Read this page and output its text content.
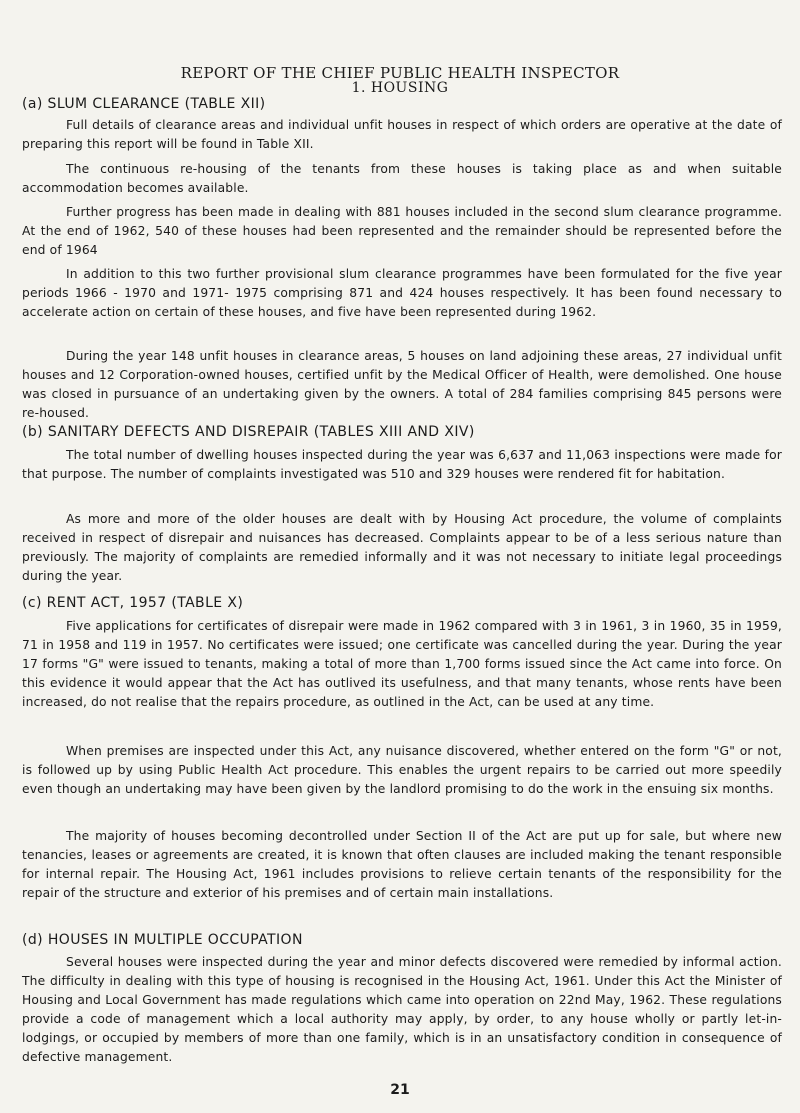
REPORT OF THE CHIEF PUBLIC HEALTH INSPECTOR
1. HOUSING
(a) SLUM CLEARANCE (TABLE XII)
Full details of clearance areas and individual unfit houses in respect of which orders are operative at the date of preparing this report will be found in Table XII.
The continuous re-housing of the tenants from these houses is taking place as and when suitable accommodation becomes available.
Further progress has been made in dealing with 881 houses included in the second slum clearance programme. At the end of 1962, 540 of these houses had been represented and the remainder should be represented before the end of 1964
In addition to this two further provisional slum clearance programmes have been formulated for the five year periods 1966 - 1970 and 1971- 1975 comprising 871 and 424 houses respectively. It has been found necessary to accelerate action on certain of these houses, and five have been represented during 1962.
During the year 148 unfit houses in clearance areas, 5 houses on land adjoining these areas, 27 individual unfit houses and 12 Corporation-owned houses, certified unfit by the Medical Officer of Health, were demolished. One house was closed in pursuance of an undertaking given by the owners. A total of 284 families comprising 845 persons were re-housed.
(b) SANITARY DEFECTS AND DISREPAIR (TABLES XIII AND XIV)
The total number of dwelling houses inspected during the year was 6,637 and 11,063 inspections were made for that purpose. The number of complaints investigated was 510 and 329 houses were rendered fit for habitation.
As more and more of the older houses are dealt with by Housing Act procedure, the volume of complaints received in respect of disrepair and nuisances has decreased. Complaints appear to be of a less serious nature than previously. The majority of complaints are remedied informally and it was not necessary to initiate legal proceedings during the year.
(c) RENT ACT, 1957 (TABLE X)
Five applications for certificates of disrepair were made in 1962 compared with 3 in 1961, 3 in 1960, 35 in 1959, 71 in 1958 and 119 in 1957. No certificates were issued; one certificate was cancelled during the year. During the year 17 forms "G" were issued to tenants, making a total of more than 1,700 forms issued since the Act came into force. On this evidence it would appear that the Act has outlived its usefulness, and that many tenants, whose rents have been increased, do not realise that the repairs procedure, as outlined in the Act, can be used at any time.
When premises are inspected under this Act, any nuisance discovered, whether entered on the form "G" or not, is followed up by using Public Health Act procedure. This enables the urgent repairs to be carried out more speedily even though an undertaking may have been given by the landlord promising to do the work in the ensuing six months.
The majority of houses becoming decontrolled under Section II of the Act are put up for sale, but where new tenancies, leases or agreements are created, it is known that often clauses are included making the tenant responsible for internal repair. The Housing Act, 1961 includes provisions to relieve certain tenants of the responsibility for the repair of the structure and exterior of his premises and of certain main installations.
(d) HOUSES IN MULTIPLE OCCUPATION
Several houses were inspected during the year and minor defects discovered were remedied by informal action. The difficulty in dealing with this type of housing is recognised in the Housing Act, 1961. Under this Act the Minister of Housing and Local Government has made regulations which came into operation on 22nd May, 1962. These regulations provide a code of management which a local authority may apply, by order, to any house wholly or partly let-in-lodgings, or occupied by members of more than one family, which is in an unsatisfactory condition in consequence of defective management.
21
